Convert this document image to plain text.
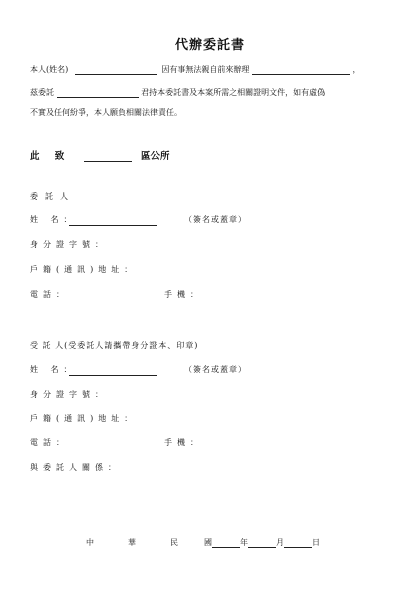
代辦委託書
本人(姓名)	因有事無法親自前來辦理	，
茲委託	君持本委託書及本案所需之相關證明文件，如有虛偽
不實及任何紛爭，本人願負相關法律責任。
此 致	區公所
委託人
姓 名：	（簽名或蓋章）
身分證字號：
戶籍(通訊)地址：
電話：	手機：
受 託 人(受委託人請攜帶身分證本、印章)
姓 名：	（簽名或蓋章）
身分證字號：
戶籍(通訊)地址：
電話：	手機：
與委託人關係：
中	華	民	國	年	月	日
